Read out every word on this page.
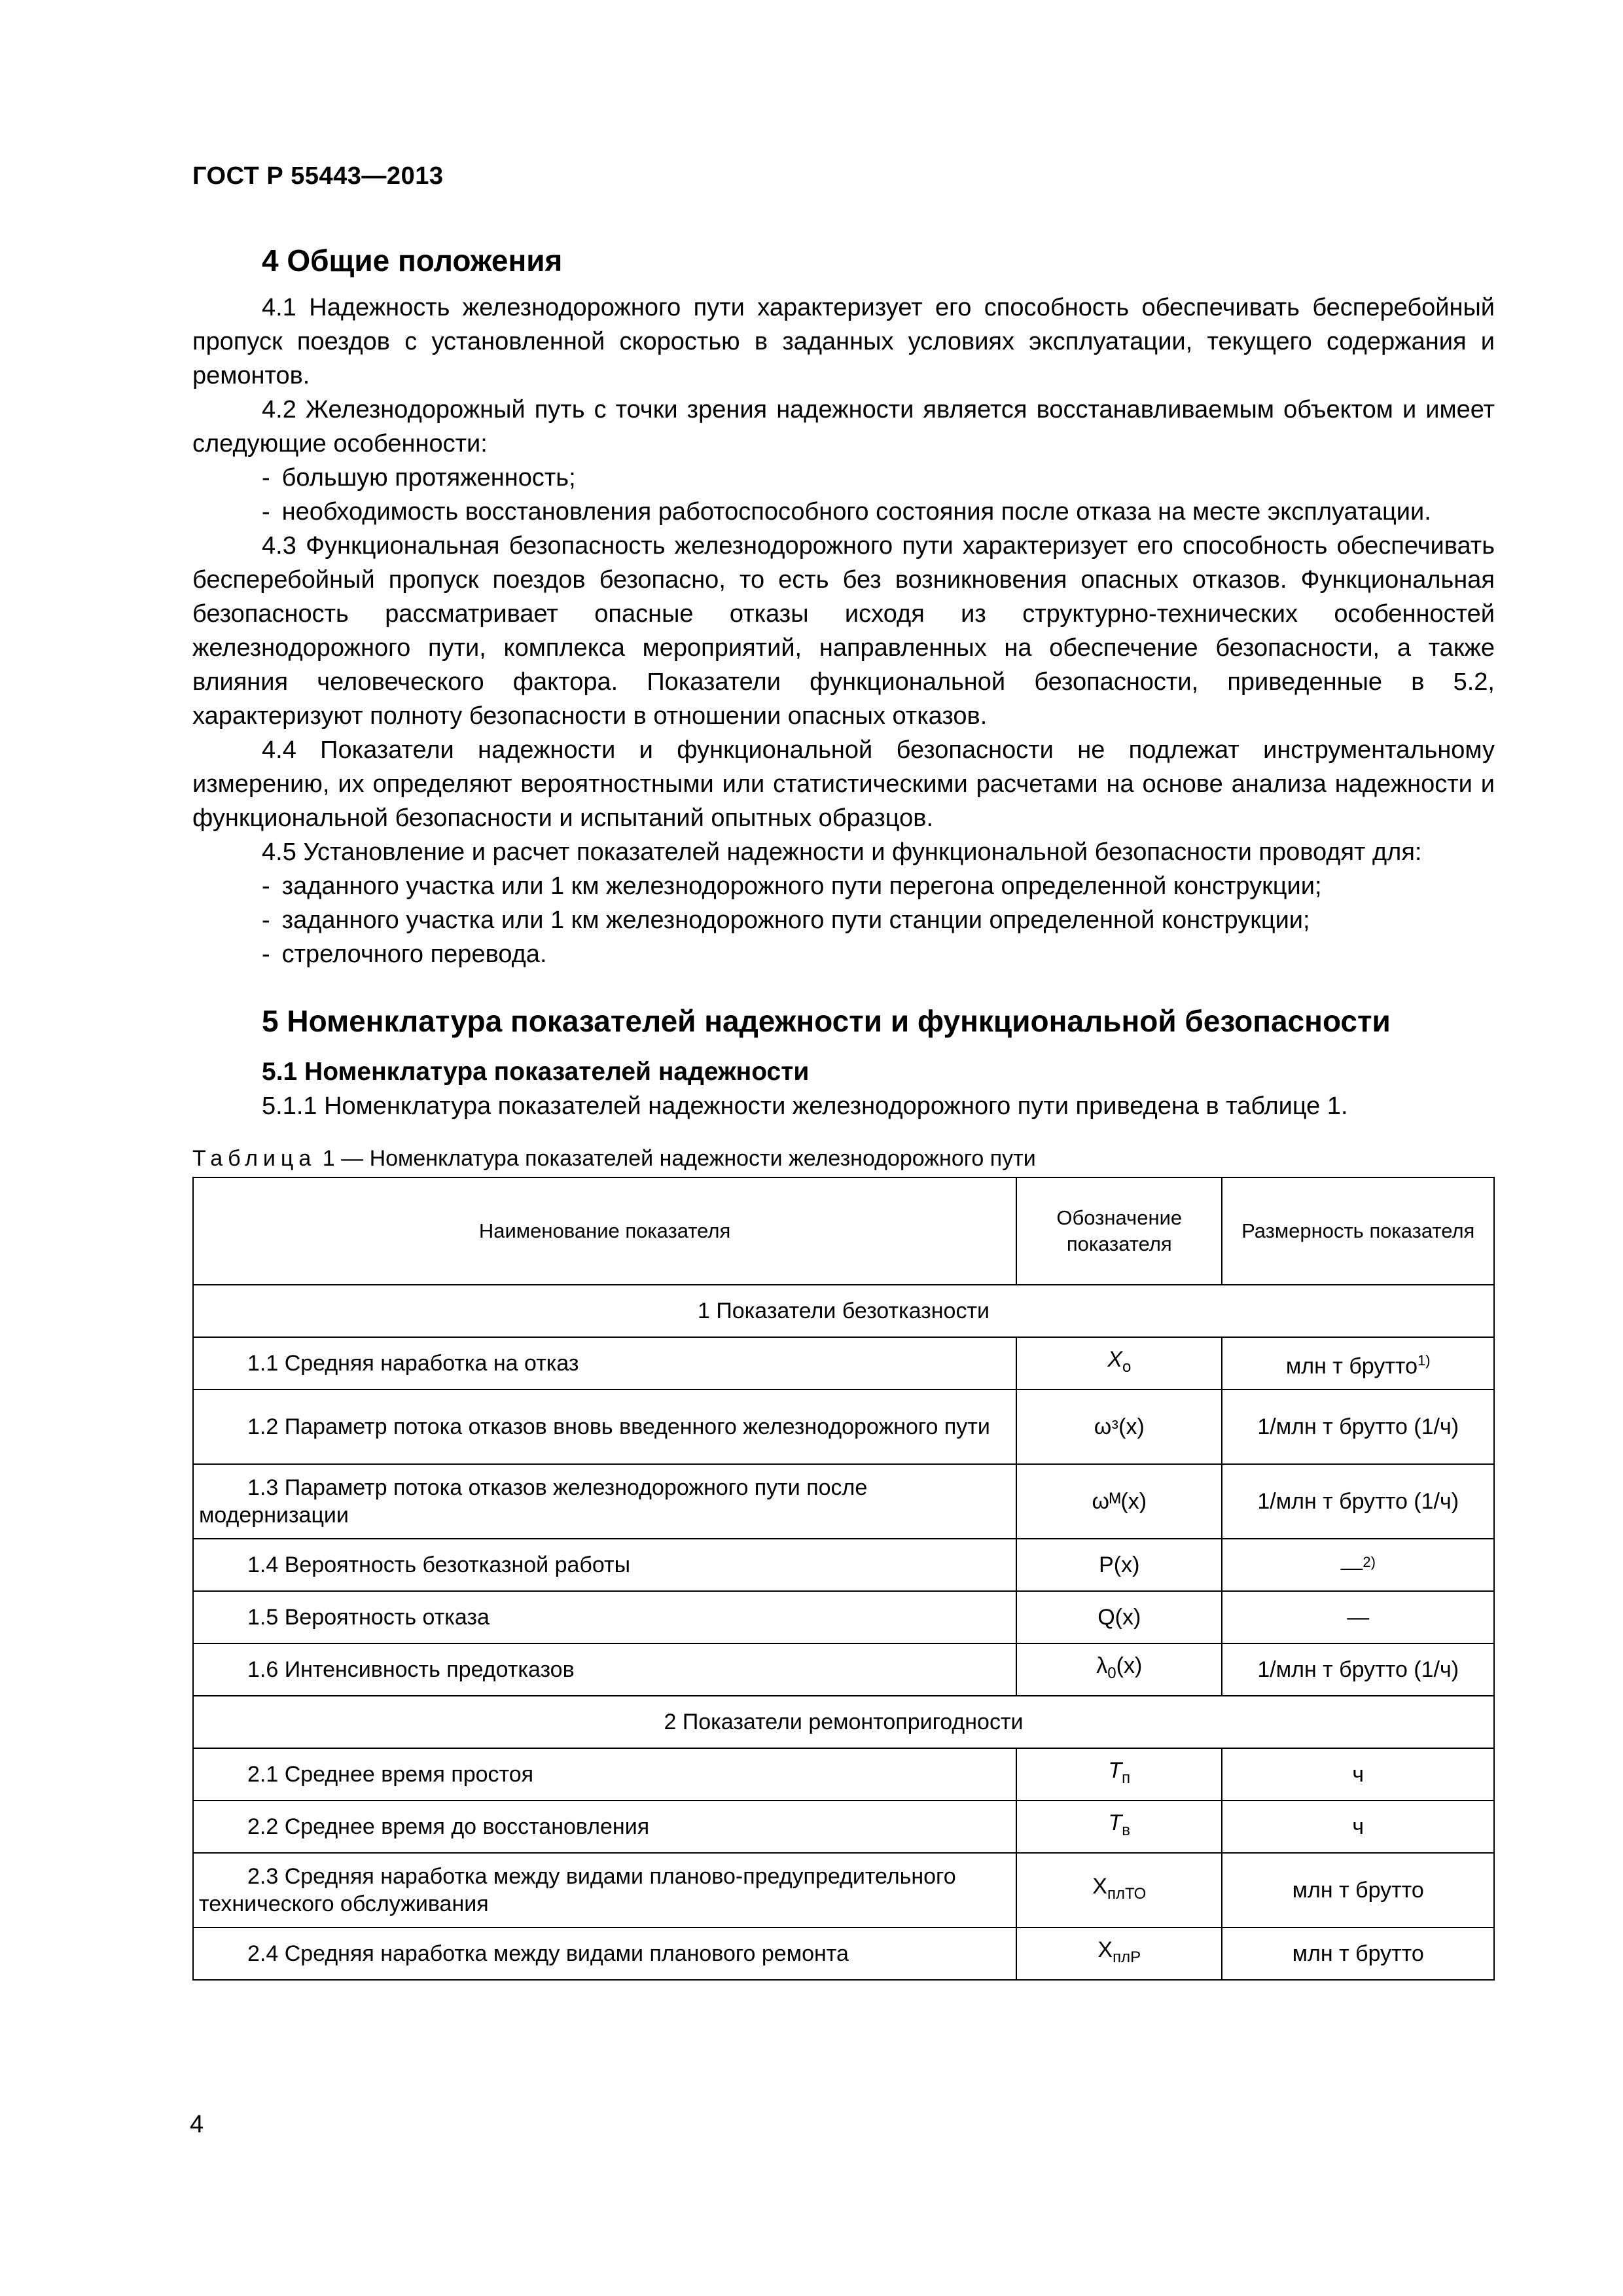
ГОСТ Р 55443—2013
4 Общие положения

4.1 Надежность железнодорожного пути характеризует его способность обеспечивать бесперебойный пропуск поездов с установленной скоростью в заданных условиях эксплуатации, текущего содержания и ремонтов.

4.2 Железнодорожный путь с точки зрения надежности является восстанавливаемым объектом и имеет следующие особенности:

- большую протяженность;

- необходимость восстановления работоспособного состояния после отказа на месте эксплуатации.

4.3 Функциональная безопасность железнодорожного пути характеризует его способность обеспечивать бесперебойный пропуск поездов безопасно, то есть без возникновения опасных отказов. Функциональная безопасность рассматривает опасные отказы исходя из структурно-технических особенностей железнодорожного пути, комплекса мероприятий, направленных на обеспечение безопасности, а также влияния человеческого фактора. Показатели функциональной безопасности, приведенные в 5.2, характеризуют полноту безопасности в отношении опасных отказов.

4.4 Показатели надежности и функциональной безопасности не подлежат инструментальному измерению, их определяют вероятностными или статистическими расчетами на основе анализа надежности и функциональной безопасности и испытаний опытных образцов.

4.5 Установление и расчет показателей надежности и функциональной безопасности проводят для:

- заданного участка или 1 км железнодорожного пути перегона определенной конструкции;

- заданного участка или 1 км железнодорожного пути станции определенной конструкции;

- стрелочного перевода.

5 Номенклатура показателей надежности и функциональной безопасности
5.1 Номенклатура показателей надежности

5.1.1 Номенклатура показателей надежности железнодорожного пути приведена в таблице 1.

Таблица 1 — Номенклатура показателей надежности железнодорожного пути
Наименование показателя	Обозначение показателя	Размерность показателя
1 Показатели безотказности		
1.1 Средняя наработка на отказ	$X_о$	млн т брутто$^{1)}$
1.2 Параметр потока отказов вновь введенного железнодорожного пути	ωᵌ(x)	1/млн т брутто (1/ч)
1.3 Параметр потока отказов железнодорожного пути после модернизации	ωᴹ(x)	1/млн т брутто (1/ч)
1.4 Вероятность безотказной работы	P(x)	—$^{2)}$
1.5 Вероятность отказа	Q(x)	—
1.6 Интенсивность предотказов	$\lambda_0(x)$	1/млн т брутто (1/ч)
2 Показатели ремонтопригодности		
2.1 Среднее время простоя	$T_п$	ч
2.2 Среднее время до восстановления	$T_в$	ч
2.3 Средняя наработка между видами планово-предупредительного технического обслуживания	$X_{плТО}$	млн т брутто
2.4 Средняя наработка между видами планового ремонта	$X_{плР}$	млн т брутто
4
